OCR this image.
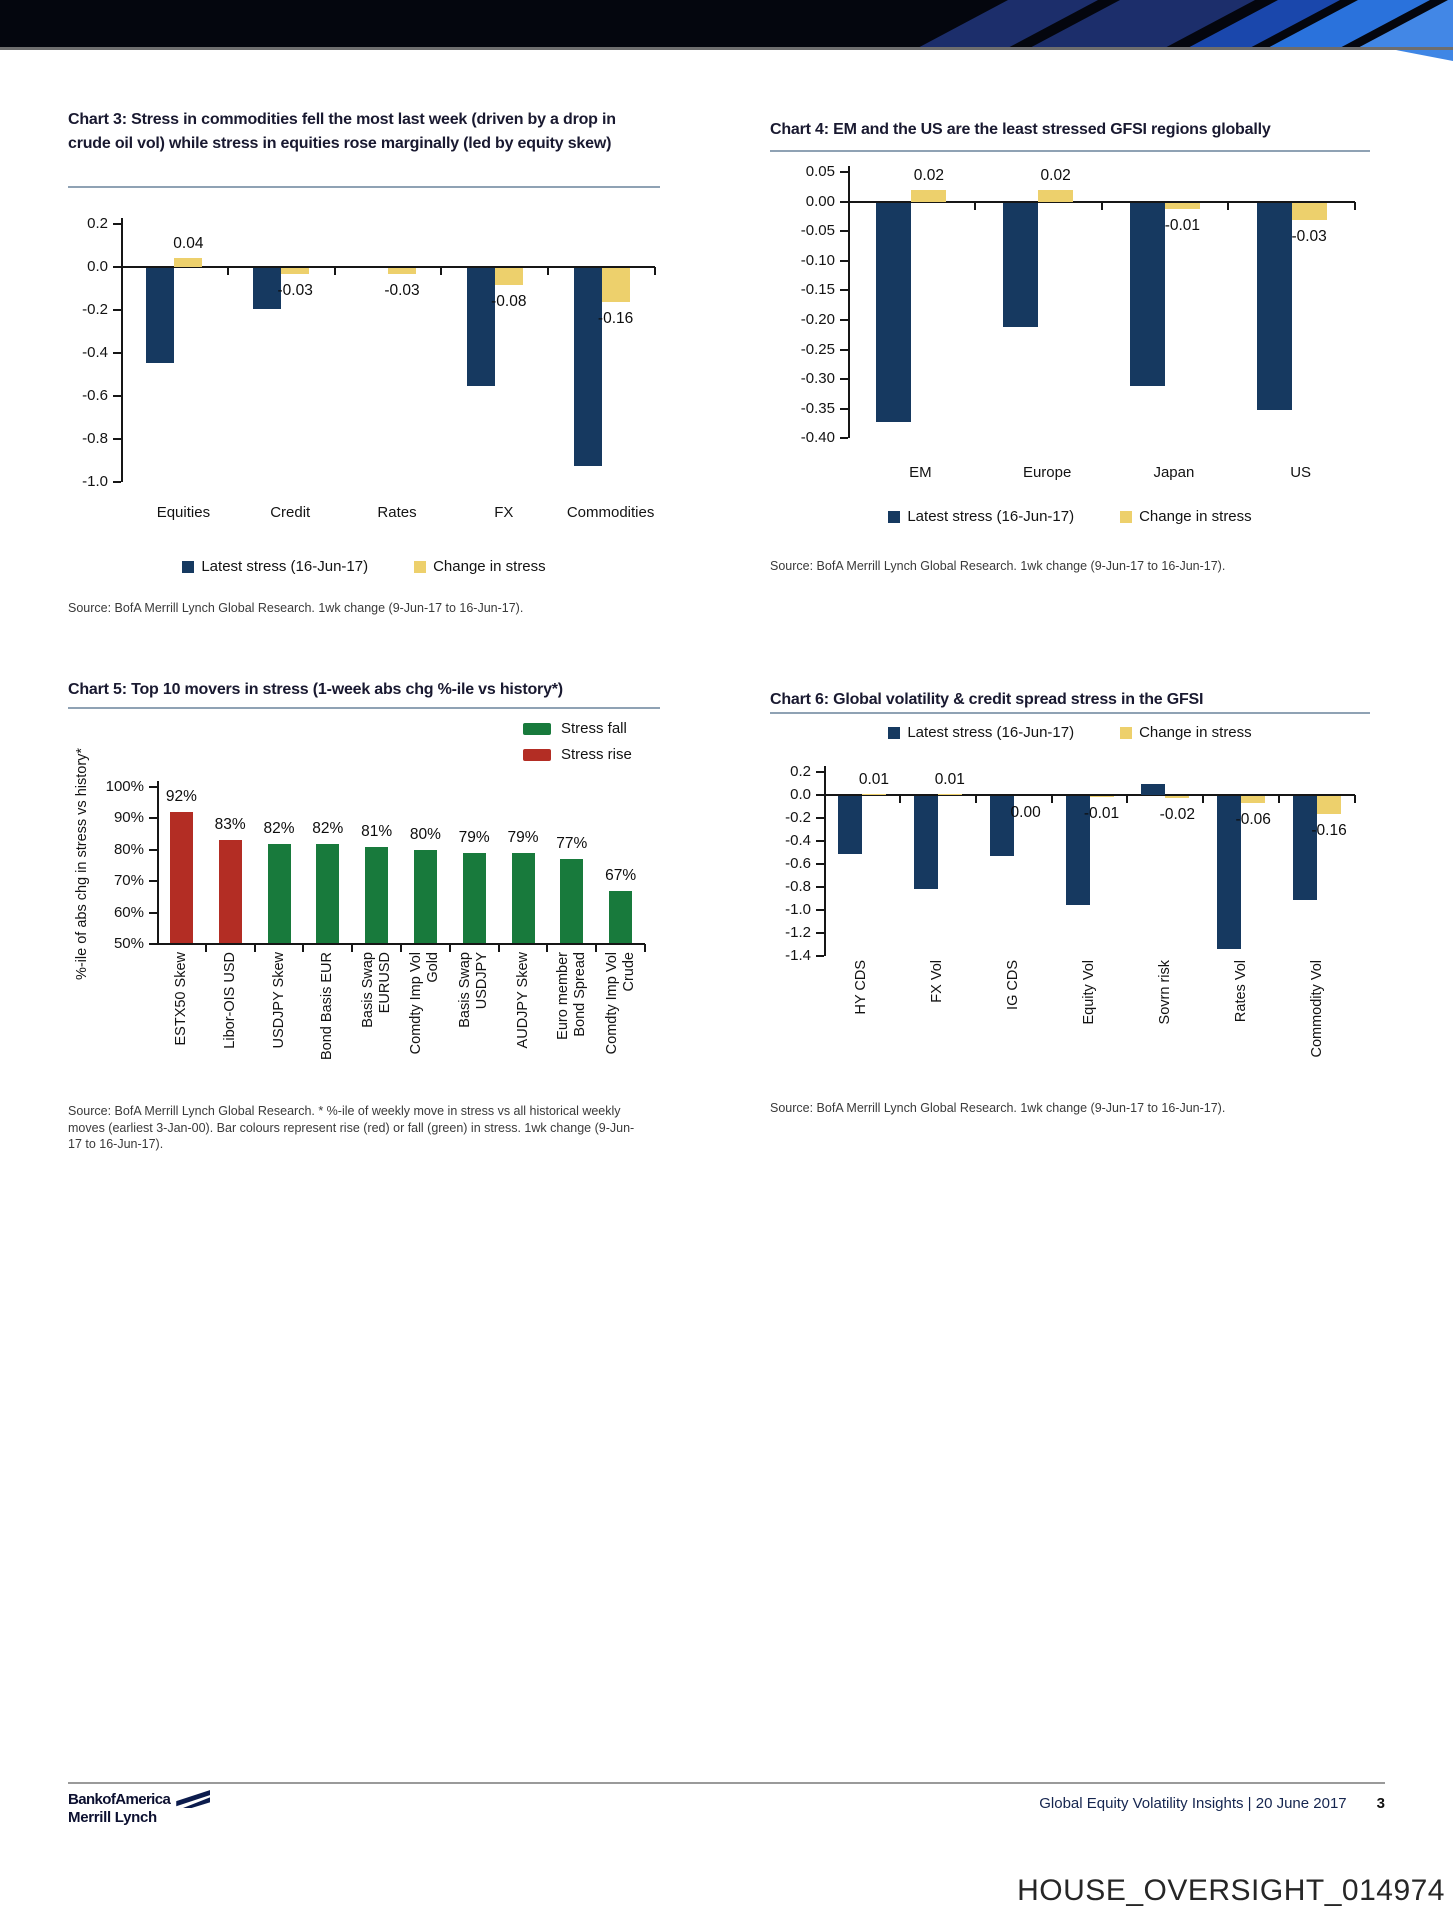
Chart 3: Stress in commodities fell the most last week (driven by a drop in crude oil vol) while stress in equities rose marginally (led by equity skew)
0.2
0.0
-0.2
-0.4
-0.6
-0.8
-1.0
0.04
Equities
-0.03
Credit
-0.03
Rates
-0.08
FX
-0.16
Commodities
Latest stress (16-Jun-17)	Change in stress

Source: BofA Merrill Lynch Global Research. 1wk change (9-Jun-17 to 16-Jun-17).

Chart 4: EM and the US are the least stressed GFSI regions globally
0.05
0.00
-0.05
-0.10
-0.15
-0.20
-0.25
-0.30
-0.35
-0.40
0.02
EM
0.02
Europe
-0.01
Japan
-0.03
US
Latest stress (16-Jun-17)	Change in stress

Source: BofA Merrill Lynch Global Research. 1wk change (9-Jun-17 to 16-Jun-17).

Chart 5: Top 10 movers in stress (1-week abs chg %-ile vs history*)
Stress fall
Stress rise
%-ile of abs chg in stress vs history*	100%
90%
80%
70%
60%
50%
92%
ESTX50 Skew
83%
Libor-OIS USD
82%
USDJPY Skew
82%
Bond Basis EUR
81%
Basis Swap EURUSD
80%
Comdty Imp Vol Gold
79%
Basis Swap USDJPY
79%
AUDJPY Skew
77%
Euro member Bond Spread
67%
Comdty Imp Vol Crude

Source: BofA Merrill Lynch Global Research. * %-ile of weekly move in stress vs all historical weekly moves (earliest 3-Jan-00). Bar colours represent rise (red) or fall (green) in stress. 1wk change (9-Jun-17 to 16-Jun-17).

Chart 6: Global volatility & credit spread stress in the GFSI
Latest stress (16-Jun-17)	Change in stress
0.2
0.0
-0.2
-0.4
-0.6
-0.8
-1.0
-1.2
-1.4
0.01
HY CDS
0.01
FX Vol
0.00
IG CDS
-0.01
Equity Vol
-0.02
Sovrn risk
-0.06
Rates Vol
-0.16
Commodity Vol

Source: BofA Merrill Lynch Global Research. 1wk change (9-Jun-17 to 16-Jun-17).

BankofAmerica
Merrill Lynch
Global Equity Volatility Insights | 20 June 2017 3
HOUSE_OVERSIGHT_014974
